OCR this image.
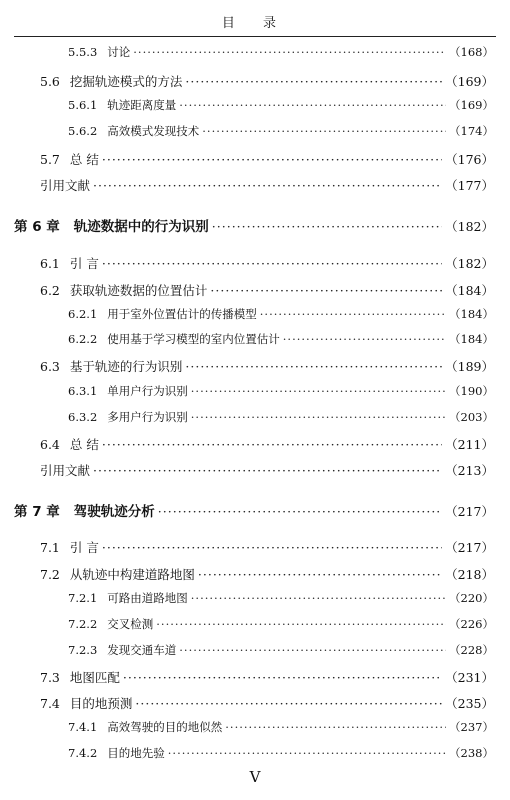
目 录
5.5.3 讨论 ·····	（168）
5.6 挖掘轨迹模式的方法 ·····	（169）
5.6.1 轨迹距离度量 ·····	（169）
5.6.2 高效模式发现技术 ·····	（174）
5.7 总 结 ·····	（176）
引用文献 ·····	（177）
第 6 章 轨迹数据中的行为识别 ·····	（182）
6.1 引 言 ·····	（182）
6.2 获取轨迹数据的位置估计 ·····	（184）
6.2.1 用于室外位置估计的传播模型 ·····	（184）
6.2.2 使用基于学习模型的室内位置估计 ·····	（184）
6.3 基于轨迹的行为识别 ·····	（189）
6.3.1 单用户行为识别 ·····	（190）
6.3.2 多用户行为识别 ·····	（203）
6.4 总 结 ·····	（211）
引用文献 ·····	（213）
第 7 章 驾驶轨迹分析 ·····	（217）
7.1 引 言 ·····	（217）
7.2 从轨迹中构建道路地图 ·····	（218）
7.2.1 可路由道路地图 ·····	（220）
7.2.2 交叉检测 ·····	（226）
7.2.3 发现交通车道 ·····	（228）
7.3 地图匹配 ·····	（231）
7.4 目的地预测 ·····	（235）
7.4.1 高效驾驶的目的地似然 ·····	（237）
7.4.2 目的地先验 ·····	（238）
V
